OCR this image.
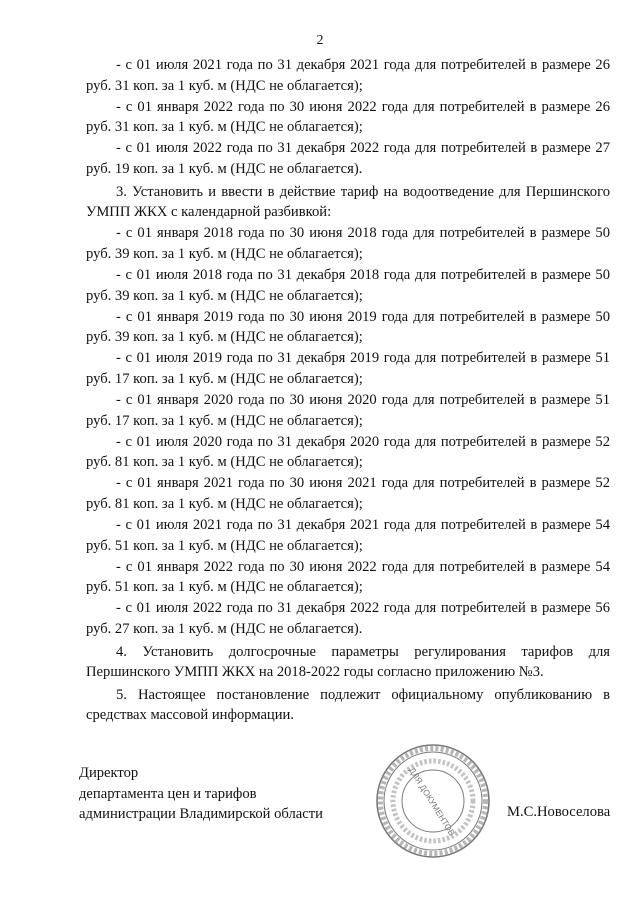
2

- с 01 июля 2021 года по 31 декабря 2021 года для потребителей в размере 26 руб. 31 коп. за 1 куб. м (НДС не облагается);

- с 01 января 2022 года по 30 июня 2022 года для потребителей в размере 26 руб. 31 коп. за 1 куб. м (НДС не облагается);

- с 01 июля 2022 года по 31 декабря 2022 года для потребителей в размере 27 руб. 19 коп. за 1 куб. м (НДС не облагается).

3. Установить и ввести в действие тариф на водоотведение для Першинского УМПП ЖКХ с календарной разбивкой:

- с 01 января 2018 года по 30 июня 2018 года для потребителей в размере 50 руб. 39 коп. за 1 куб. м (НДС не облагается);

- с 01 июля 2018 года по 31 декабря 2018 года для потребителей в размере 50 руб. 39 коп. за 1 куб. м (НДС не облагается);

- с 01 января 2019 года по 30 июня 2019 года для потребителей в размере 50 руб. 39 коп. за 1 куб. м (НДС не облагается);

- с 01 июля 2019 года по 31 декабря 2019 года для потребителей в размере 51 руб. 17 коп. за 1 куб. м (НДС не облагается);

- с 01 января 2020 года по 30 июня 2020 года для потребителей в размере 51 руб. 17 коп. за 1 куб. м (НДС не облагается);

- с 01 июля 2020 года по 31 декабря 2020 года для потребителей в размере 52 руб. 81 коп. за 1 куб. м (НДС не облагается);

- с 01 января 2021 года по 30 июня 2021 года для потребителей в размере 52 руб. 81 коп. за 1 куб. м (НДС не облагается);

- с 01 июля 2021 года по 31 декабря 2021 года для потребителей в размере 54 руб. 51 коп. за 1 куб. м (НДС не облагается);

- с 01 января 2022 года по 30 июня 2022 года для потребителей в размере 54 руб. 51 коп. за 1 куб. м (НДС не облагается);

- с 01 июля 2022 года по 31 декабря 2022 года для потребителей в размере 56 руб. 27 коп. за 1 куб. м (НДС не облагается).

4. Установить долгосрочные параметры регулирования тарифов для Першинского УМПП ЖКХ на 2018-2022 годы согласно приложению №3.

5. Настоящее постановление подлежит официальному опубликованию в средствах массовой информации.

Директор
департамента цен и тарифов
администрации Владимирской области	ДЛЯ ДОКУМЕНТОВ	М.С.Новоселова
